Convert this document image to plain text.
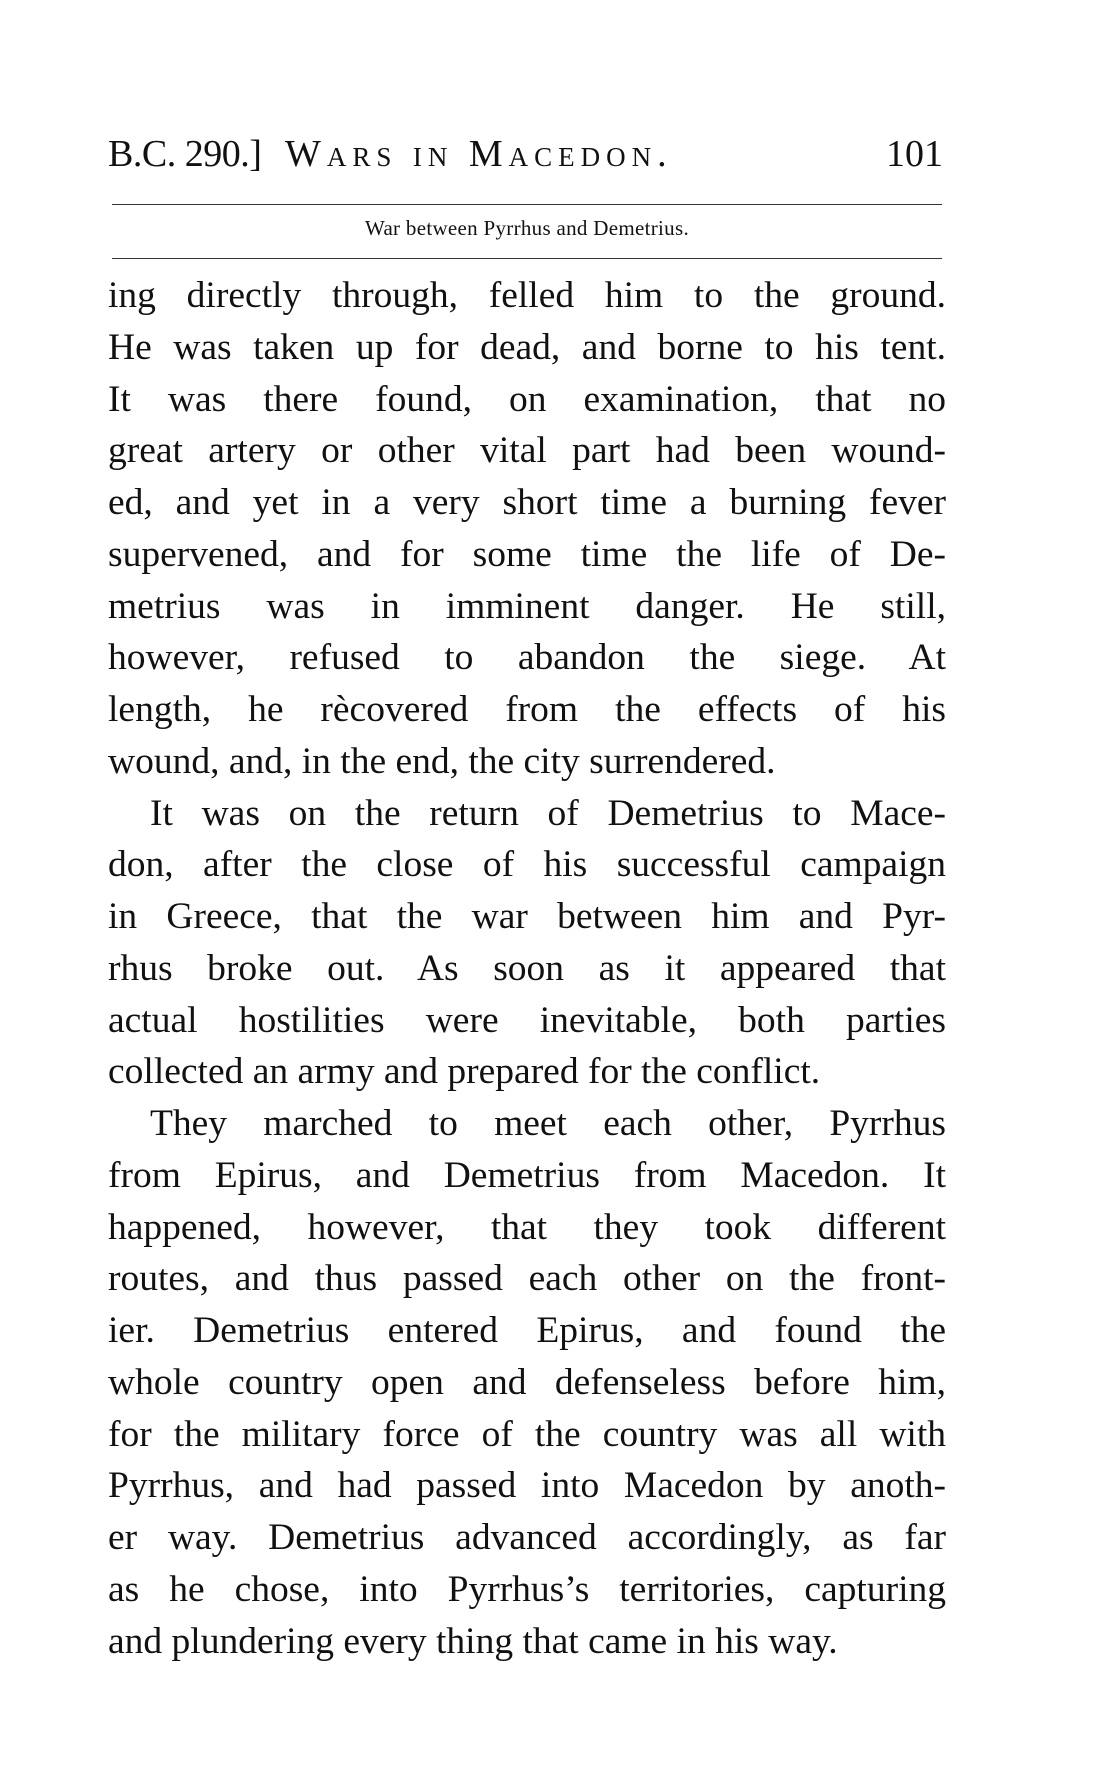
B.C. 290.] Wars in Macedon.	101
War between Pyrrhus and Demetrius.
ing directly through, felled him to the ground.
He was taken up for dead, and borne to his tent.
It was there found, on examination, that no
great artery or other vital part had been wound-
ed, and yet in a very short time a burning fever
supervened, and for some time the life of De-
metrius was in imminent danger. He still,
however, refused to abandon the siege. At
length, he rècovered from the effects of his
wound, and, in the end, the city surrendered.
It was on the return of Demetrius to Mace-
don, after the close of his successful campaign
in Greece, that the war between him and Pyr-
rhus broke out. As soon as it appeared that
actual hostilities were inevitable, both parties
collected an army and prepared for the conflict.
They marched to meet each other, Pyrrhus
from Epirus, and Demetrius from Macedon. It
happened, however, that they took different
routes, and thus passed each other on the front-
ier. Demetrius entered Epirus, and found the
whole country open and defenseless before him,
for the military force of the country was all with
Pyrrhus, and had passed into Macedon by anoth-
er way. Demetrius advanced accordingly, as far
as he chose, into Pyrrhus’s territories, capturing
and plundering every thing that came in his way.
